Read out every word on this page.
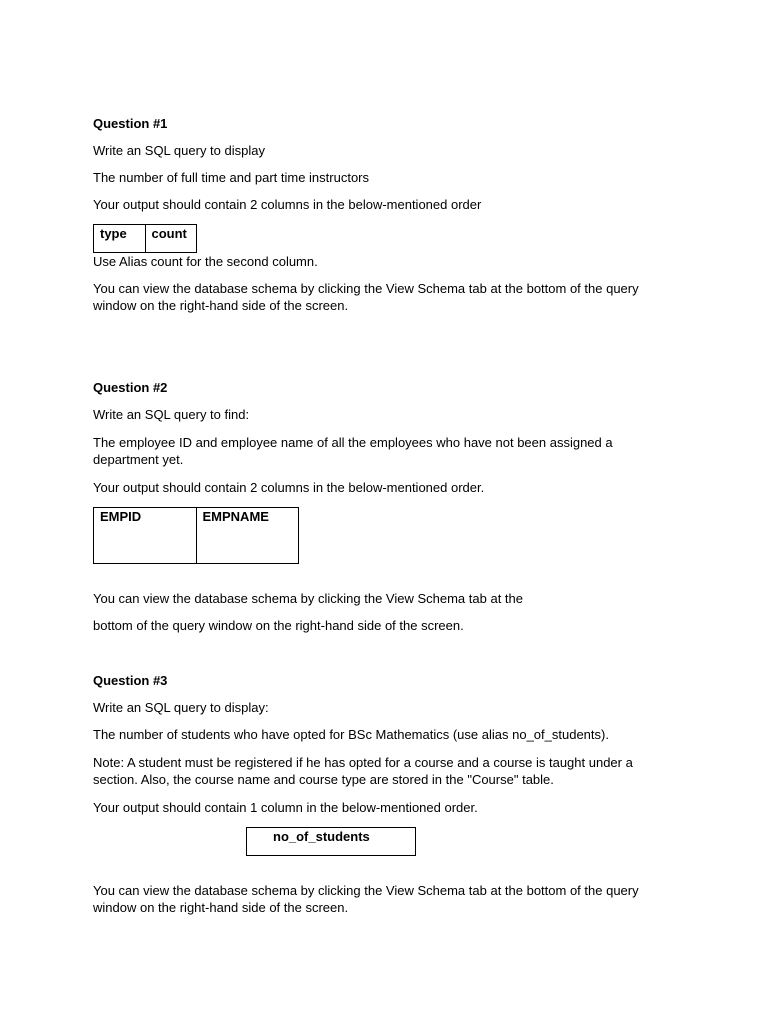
Question #1

Write an SQL query to display

The number of full time and part time instructors

Your output should contain 2 columns in the below-mentioned order

type	count

Use Alias count for the second column.

You can view the database schema by clicking the View Schema tab at the bottom of the query window on the right-hand side of the screen.

Question #2

Write an SQL query to find:

The employee ID and employee name of all the employees who have not been assigned a department yet.

Your output should contain 2 columns in the below-mentioned order.

EMPID	EMPNAME

You can view the database schema by clicking the View Schema tab at the

bottom of the query window on the right-hand side of the screen.

Question #3

Write an SQL query to display:

The number of students who have opted for BSc Mathematics (use alias no_of_students).

Note: A student must be registered if he has opted for a course and a course is taught under a section. Also, the course name and course type are stored in the "Course" table.

Your output should contain 1 column in the below-mentioned order.

no_of_students

You can view the database schema by clicking the View Schema tab at the bottom of the query window on the right-hand side of the screen.
